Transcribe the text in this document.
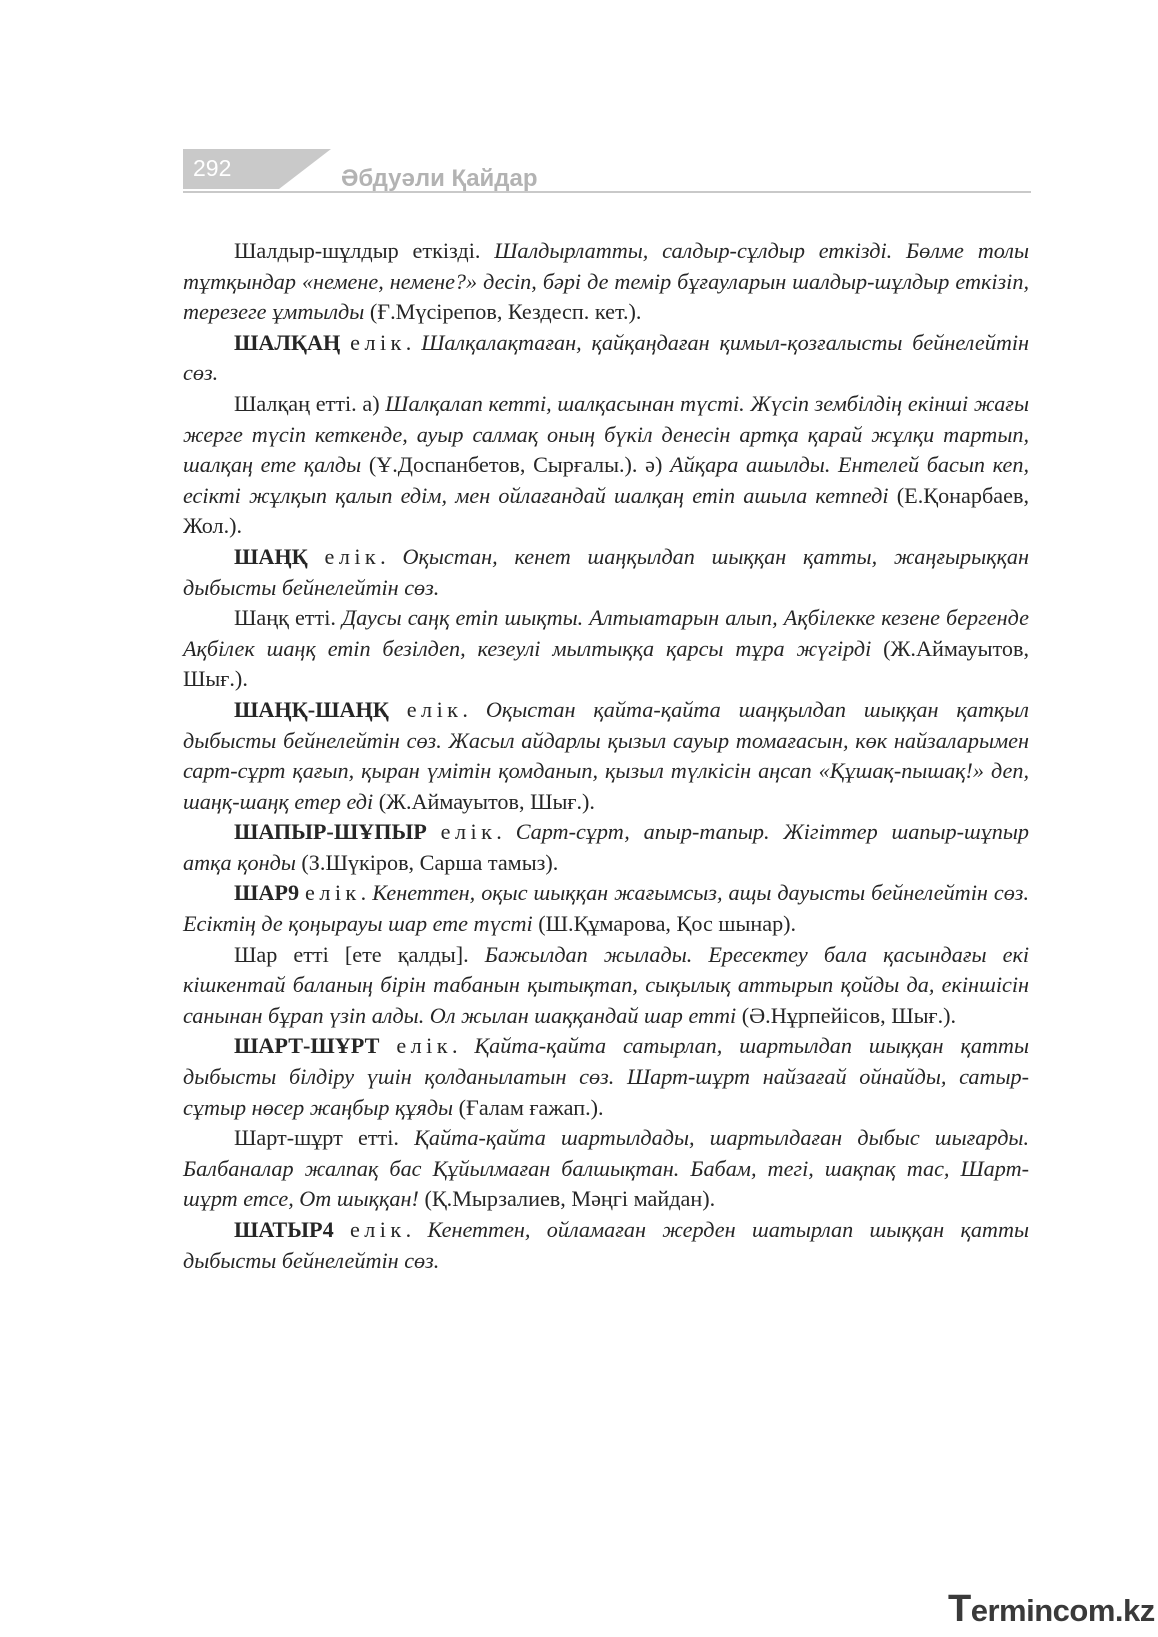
292	Әбдуәли Қайдар

Шалдыр-шұлдыр еткізді. Шалдырлатты, салдыр-сұлдыр еткізді. Бөлме толы тұтқындар «немене, немене?» десіп, бәрі де темір бұғауларын шалдыр-шұлдыр еткізіп, терезеге ұмтылды (Ғ.Мүсірепов, Кездесп. кет.).

ШАЛҚАҢ елік. Шалқалақтаған, қайқаңдаған қимыл-қозғалысты бейнелейтін сөз.

Шалқаң етті. а) Шалқалап кетті, шалқасынан түсті. Жүсіп зембілдің екінші жағы жерге түсіп кеткенде, ауыр салмақ оның бүкіл денесін артқа қарай жұлқи тартып, шалқаң ете қалды (Ұ.Доспанбетов, Сырғалы.). ә) Айқара ашылды. Ентелей басып кеп, есікті жұлқып қалып едім, мен ойлағандай шалқаң етіп ашыла кетпеді (Е.Қонарбаев, Жол.).

ШАҢҚ елік. Оқыстан, кенет шаңқылдап шыққан қатты, жаңғырыққан дыбысты бейнелейтін сөз.

Шаңқ етті. Даусы саңқ етіп шықты. Алтыатарын алып, Ақбілекке кезене бергенде Ақбілек шаңқ етіп безілдеп, кезеулі мылтыққа қарсы тұра жүгірді (Ж.Аймауытов, Шығ.).

ШАҢҚ-ШАҢҚ елік. Оқыстан қайта-қайта шаңқылдап шыққан қатқыл дыбысты бейнелейтін сөз. Жасыл айдарлы қызыл сауыр томағасын, көк найзаларымен сарт-сұрт қағып, қыран үмітін қомданып, қызыл түлкісін аңсап «Құшақ-пышақ!» деп, шаңқ-шаңқ етер еді (Ж.Аймауытов, Шығ.).

ШАПЫР-ШҰПЫР елік. Сарт-сұрт, апыр-тапыр. Жігіттер шапыр-шұпыр атқа қонды (З.Шүкіров, Сарша тамыз).

ШАР9 елік. Кенеттен, оқыс шыққан жағымсыз, ащы дауысты бейнелейтін сөз. Есіктің де қоңырауы шар ете түсті (Ш.Құмарова, Қос шынар).

Шар етті [ете қалды]. Бажылдап жылады. Ересектеу бала қасындағы екі кішкентай баланың бірін табанын қытықтап, сықылық аттырып қойды да, екіншісін санынан бұрап үзіп алды. Ол жылан шаққандай шар етті (Ә.Нұрпейісов, Шығ.).

ШАРТ-ШҰРТ елік. Қайта-қайта сатырлап, шартылдап шыққан қатты дыбысты білдіру үшін қолданылатын сөз. Шарт-шұрт найзағай ойнайды, сатыр-сұтыр нөсер жаңбыр құяды (Ғалам ғажап.).

Шарт-шұрт етті. Қайта-қайта шартылдады, шартылдаған дыбыс шығарды. Балбаналар жалпақ бас Құйылмаған балшықтан. Бабам, тегі, шақпақ тас, Шарт-шұрт етсе, От шыққан! (Қ.Мырзалиев, Мәңгі майдан).

ШАТЫР4 елік. Кенеттен, ойламаған жерден шатырлап шыққан қатты дыбысты бейнелейтін сөз.

Termincom.kz
